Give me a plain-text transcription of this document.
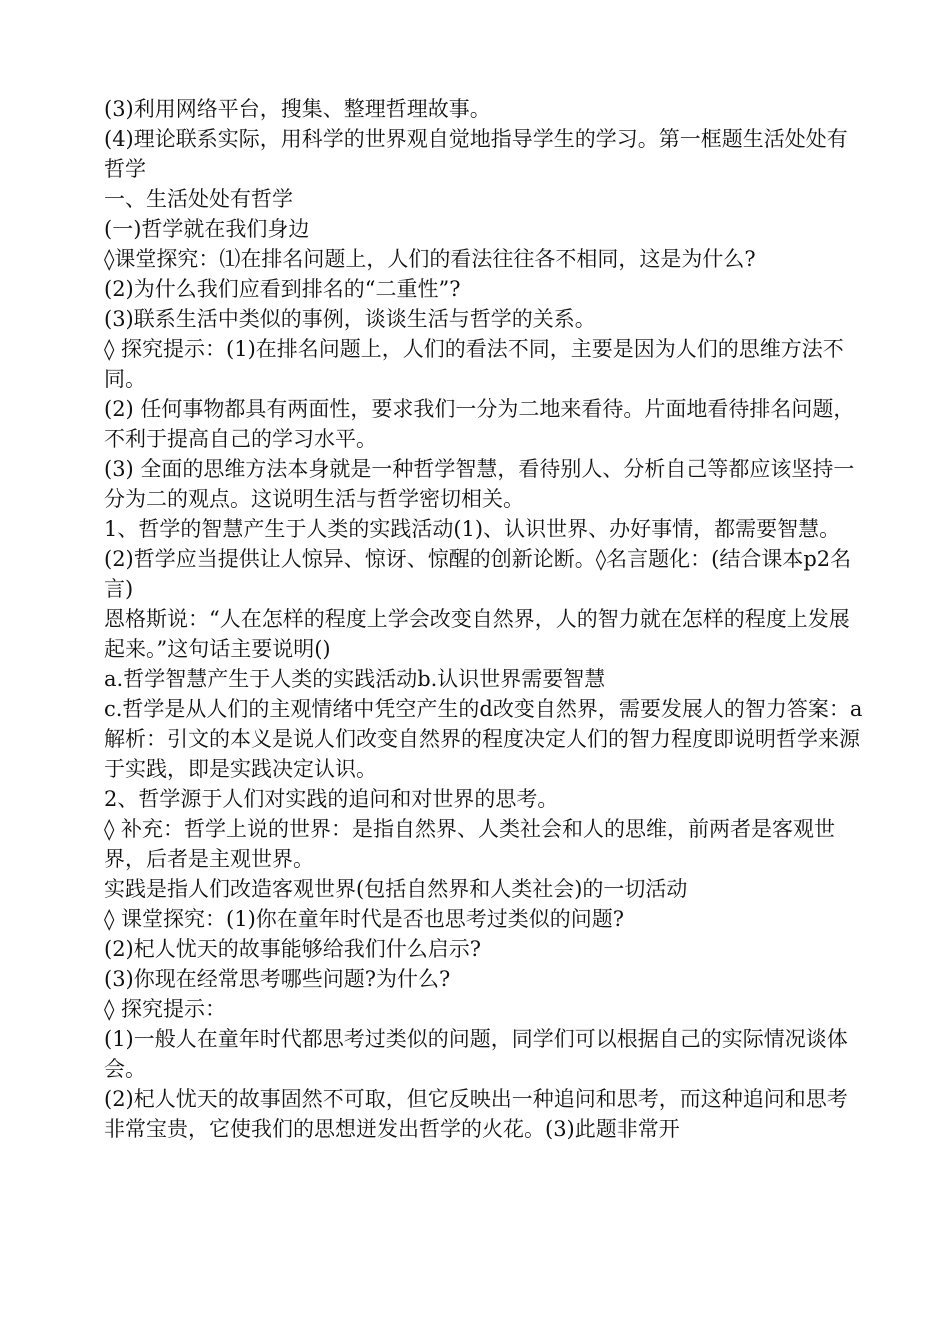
(3)利用网络平台，搜集、整理哲理故事。

(4)理论联系实际，用科学的世界观自觉地指导学生的学习。第一框题生活处处有哲学

一、生活处处有哲学

(一)哲学就在我们身边

◊课堂探究：⑴在排名问题上，人们的看法往往各不相同，这是为什么?

(2)为什么我们应看到排名的“二重性”?

(3)联系生活中类似的事例，谈谈生活与哲学的关系。

◊ 探究提示：(1)在排名问题上，人们的看法不同，主要是因为人们的思维方法不同。

(2) 任何事物都具有两面性，要求我们一分为二地来看待。片面地看待排名问题，不利于提高自己的学习水平。

(3) 全面的思维方法本身就是一种哲学智慧，看待别人、分析自己等都应该坚持一分为二的观点。这说明生活与哲学密切相关。

1、哲学的智慧产生于人类的实践活动(1)、认识世界、办好事情，都需要智慧。(2)哲学应当提供让人惊异、惊讶、惊醒的创新论断。◊名言题化：(结合课本p2名言)

恩格斯说：“人在怎样的程度上学会改变自然界，人的智力就在怎样的程度上发展起来。”这句话主要说明()

a.哲学智慧产生于人类的实践活动b.认识世界需要智慧

c.哲学是从人们的主观情绪中凭空产生的d改变自然界，需要发展人的智力答案：a

解析：引文的本义是说人们改变自然界的程度决定人们的智力程度即说明哲学来源于实践，即是实践决定认识。

2、哲学源于人们对实践的追问和对世界的思考。

◊ 补充：哲学上说的世界：是指自然界、人类社会和人的思维，前两者是客观世界，后者是主观世界。

实践是指人们改造客观世界(包括自然界和人类社会)的一切活动

◊ 课堂探究：(1)你在童年时代是否也思考过类似的问题?

(2)杞人忧天的故事能够给我们什么启示?

(3)你现在经常思考哪些问题?为什么?

◊ 探究提示：

(1)一般人在童年时代都思考过类似的问题，同学们可以根据自己的实际情况谈体会。

(2)杞人忧天的故事固然不可取，但它反映出一种追问和思考，而这种追问和思考非常宝贵，它使我们的思想迸发出哲学的火花。(3)此题非常开
